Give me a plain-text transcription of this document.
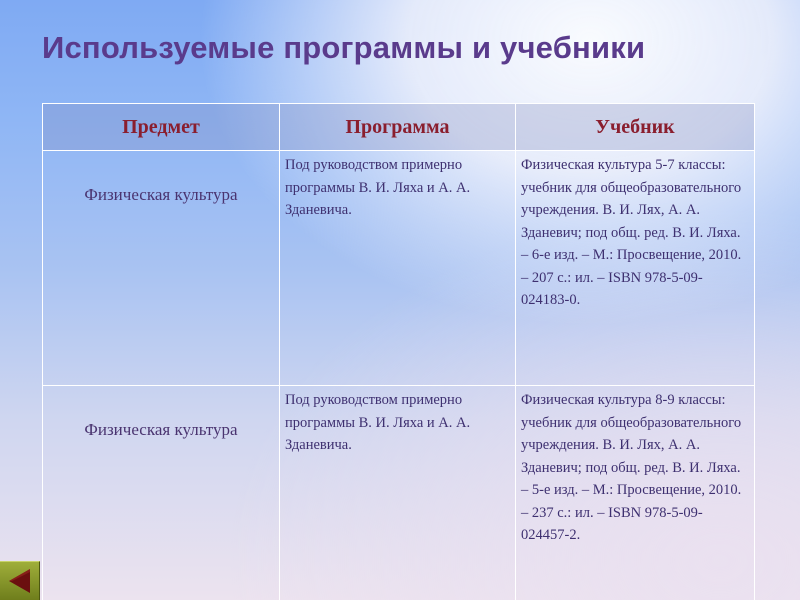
Используемые программы и учебники
Предмет	Программа	Учебник
Физическая культура	Под руководством примерно программы В. И. Ляха и А. А. Зданевича.	Физическая культура 5-7 классы: учебник для общеобразовательного учреждения. В. И. Лях, А. А. Зданевич; под общ. ред. В. И. Ляха. – 6-е изд. – М.: Просвещение, 2010. – 207 с.: ил. – ISBN 978-5-09-024183-0.
Физическая культура	Под руководством примерно программы В. И. Ляха и А. А. Зданевича.	Физическая культура 8-9 классы: учебник для общеобразовательного учреждения. В. И. Лях, А. А. Зданевич; под общ. ред. В. И. Ляха. – 5-е изд. – М.: Просвещение, 2010. – 237 с.: ил. – ISBN 978-5-09-024457-2.
